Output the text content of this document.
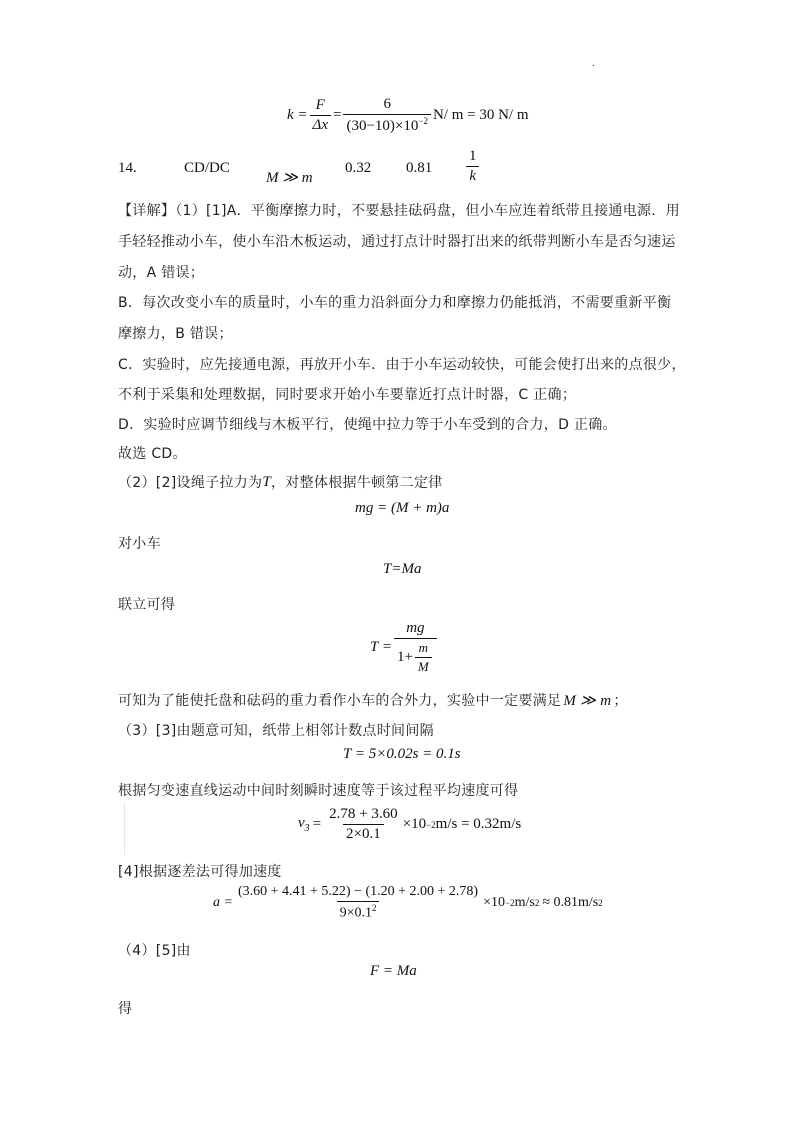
.
$k = \frac{F}{\Delta x} = \frac{6}{(30-10)\times 10^{-2}} N/$ m = 30 N/ m
14.	CD/DC
M ≫ m
0.32 $0.81 \frac{1}{k}$
【详解】（1）[1]A．平衡摩擦力时，不要悬挂砝码盘，但小车应连着纸带且接通电源．用
手轻轻推动小车，使小车沿木板运动，通过打点计时器打出来的纸带判断小车是否匀速运
动，A 错误；
B．每次改变小车的质量时，小车的重力沿斜面分力和摩擦力仍能抵消，不需要重新平衡
摩擦力，B 错误；
C．实验时，应先接通电源，再放开小车．由于小车运动较快，可能会使打出来的点很少，
不利于采集和处理数据，同时要求开始小车要靠近打点计时器，C 正确；
D．实验时应调节细线与木板平行，使绳中拉力等于小车受到的合力，D 正确。
故选 CD。
（2）[2]设绳子拉力为 T ，对整体根据牛顿第二定律
mg = (M + m)a
对小车
T=Ma
联立可得
$T = \frac{mg}{1+ \frac{m}{M}}$
可知为了能使托盘和砝码的重力看作小车的合外力，实验中一定要满足 M ≫ m ；
（3）[3]由题意可知，纸带上相邻计数点时间间隔
T = 5×0.02s = 0.1s
根据匀变速直线运动中间时刻瞬时速度等于该过程平均速度可得
$v_3 = \frac{2.78 + 3.60}{2\times 0.1} \times 10 -2$ m/s = 0.32m/s
[4]根据逐差法可得加速度
$a = \frac{(3.60 + 4.41 + 5.22) - (1.20 + 2.00 + 2.78)}{9\times 0.1^2} \times 10 -2$ m/s 2 ≈ 0.81m/s 2
（4）[5]由
F = Ma
得
